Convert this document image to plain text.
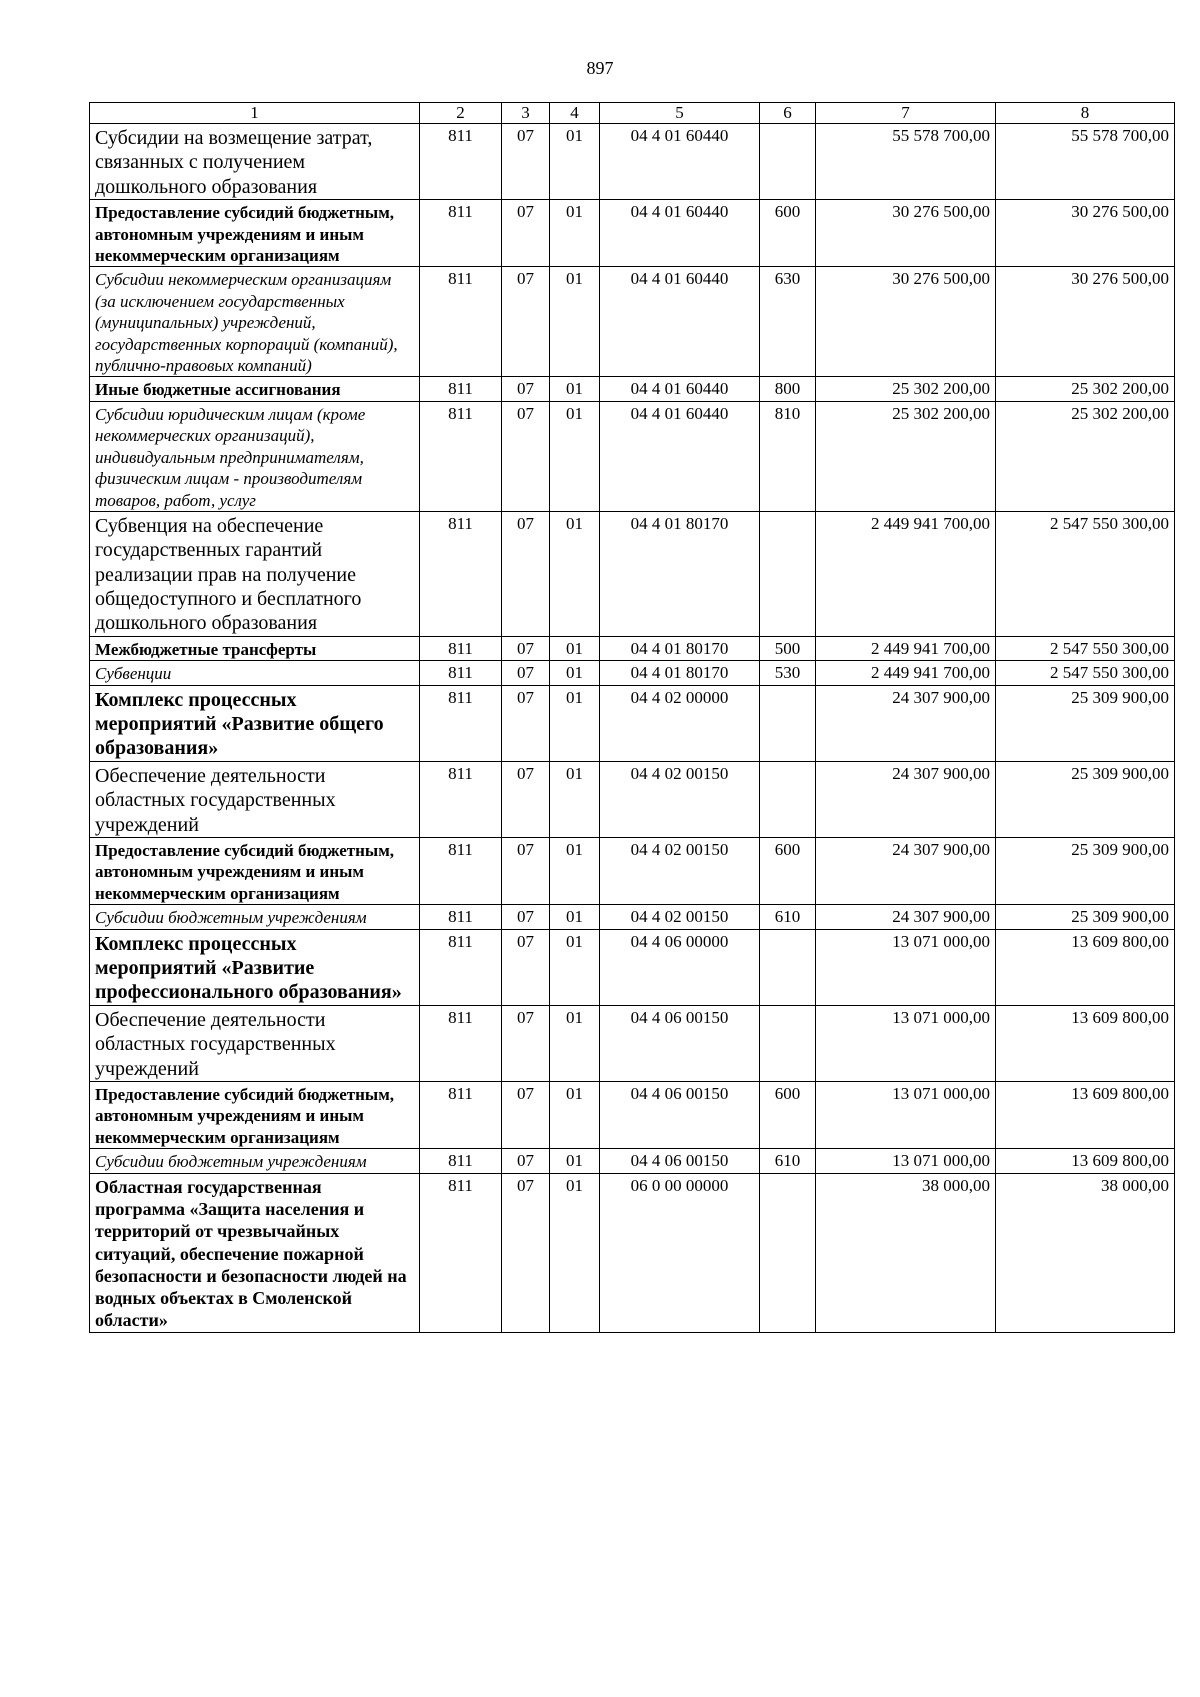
897
1	2	3	4	5	6	7	8
Субсидии на возмещение затрат, связанных с получением дошкольного образования	811	07	01	04 4 01 60440		55 578 700,00	55 578 700,00
Предоставление субсидий бюджетным, автономным учреждениям и иным некоммерческим организациям	811	07	01	04 4 01 60440	600	30 276 500,00	30 276 500,00
Субсидии некоммерческим организациям (за исключением государственных (муниципальных) учреждений, государственных корпораций (компаний), публично-правовых компаний)	811	07	01	04 4 01 60440	630	30 276 500,00	30 276 500,00
Иные бюджетные ассигнования	811	07	01	04 4 01 60440	800	25 302 200,00	25 302 200,00
Субсидии юридическим лицам (кроме некоммерческих организаций), индивидуальным предпринимателям, физическим лицам - производителям товаров, работ, услуг	811	07	01	04 4 01 60440	810	25 302 200,00	25 302 200,00
Субвенция на обеспечение государственных гарантий реализации прав на получение общедоступного и бесплатного дошкольного образования	811	07	01	04 4 01 80170		2 449 941 700,00	2 547 550 300,00
Межбюджетные трансферты	811	07	01	04 4 01 80170	500	2 449 941 700,00	2 547 550 300,00
Субвенции	811	07	01	04 4 01 80170	530	2 449 941 700,00	2 547 550 300,00
Комплекс процессных мероприятий «Развитие общего образования»	811	07	01	04 4 02 00000		24 307 900,00	25 309 900,00
Обеспечение деятельности областных государственных учреждений	811	07	01	04 4 02 00150		24 307 900,00	25 309 900,00
Предоставление субсидий бюджетным, автономным учреждениям и иным некоммерческим организациям	811	07	01	04 4 02 00150	600	24 307 900,00	25 309 900,00
Субсидии бюджетным учреждениям	811	07	01	04 4 02 00150	610	24 307 900,00	25 309 900,00
Комплекс процессных мероприятий «Развитие профессионального образования»	811	07	01	04 4 06 00000		13 071 000,00	13 609 800,00
Обеспечение деятельности областных государственных учреждений	811	07	01	04 4 06 00150		13 071 000,00	13 609 800,00
Предоставление субсидий бюджетным, автономным учреждениям и иным некоммерческим организациям	811	07	01	04 4 06 00150	600	13 071 000,00	13 609 800,00
Субсидии бюджетным учреждениям	811	07	01	04 4 06 00150	610	13 071 000,00	13 609 800,00
Областная государственная программа «Защита населения и территорий от чрезвычайных ситуаций, обеспечение пожарной безопасности и безопасности людей на водных объектах в Смоленской области»	811	07	01	06 0 00 00000		38 000,00	38 000,00
